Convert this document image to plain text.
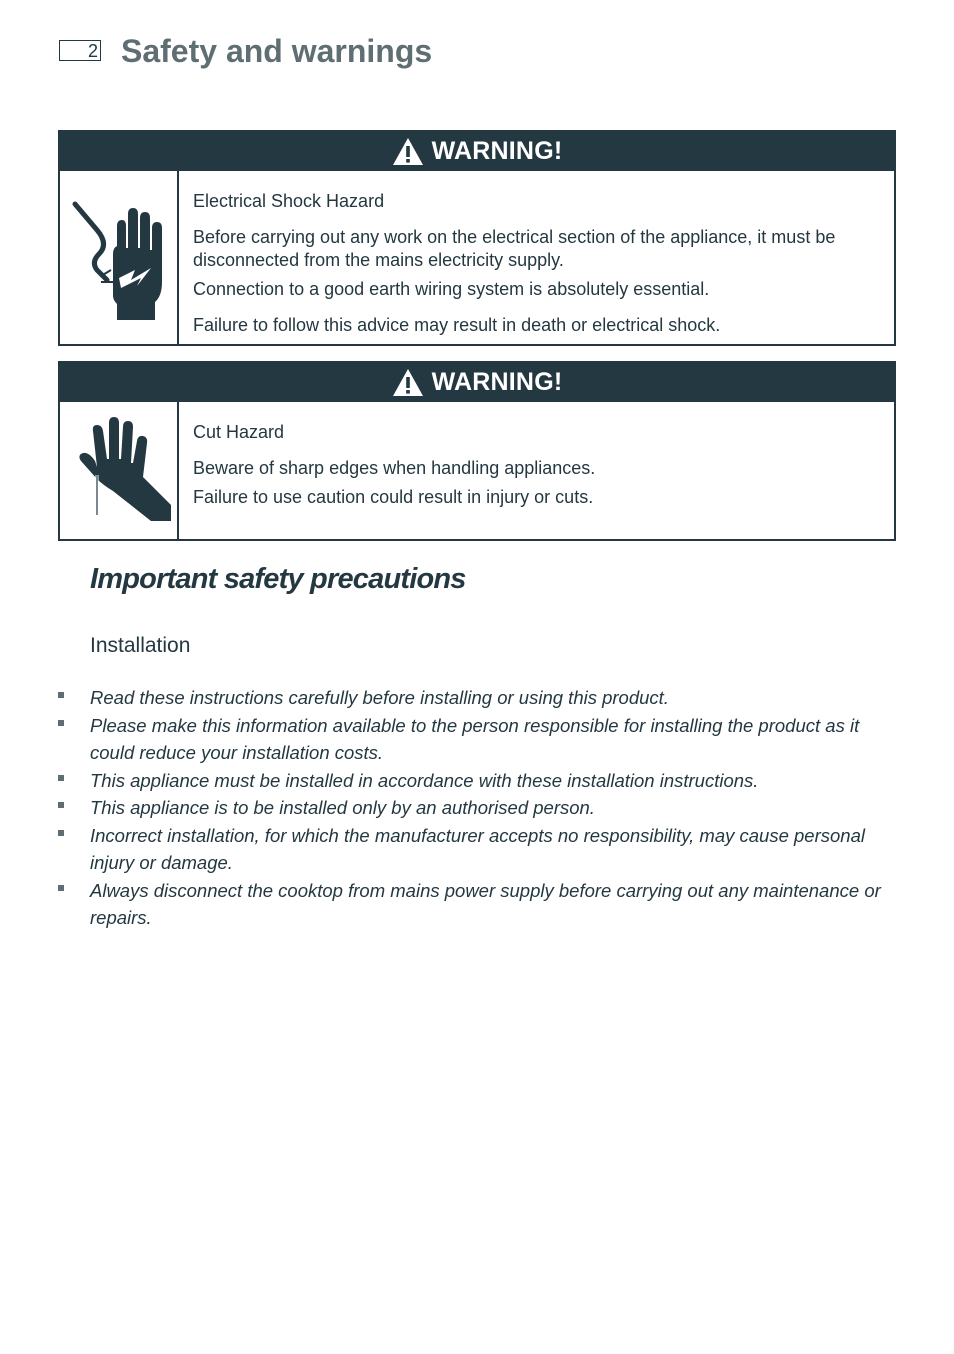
2 Safety and warnings
WARNING!

Electrical Shock Hazard

Before carrying out any work on the electrical section of the appliance, it must be disconnected from the mains electricity supply.

Connection to a good earth wiring system is absolutely essential.

Failure to follow this advice may result in death or electrical shock.

WARNING!

Cut Hazard

Beware of sharp edges when handling appliances.

Failure to use caution could result in injury or cuts.

Important safety precautions
Installation
Read these instructions carefully before installing or using this product.
Please make this information available to the person responsible for installing the product as it could reduce your installation costs.
This appliance must be installed in accordance with these installation instructions.
This appliance is to be installed only by an authorised person.
Incorrect installation, for which the manufacturer accepts no responsibility, may cause personal injury or damage.
Always disconnect the cooktop from mains power supply before carrying out any maintenance or repairs.
